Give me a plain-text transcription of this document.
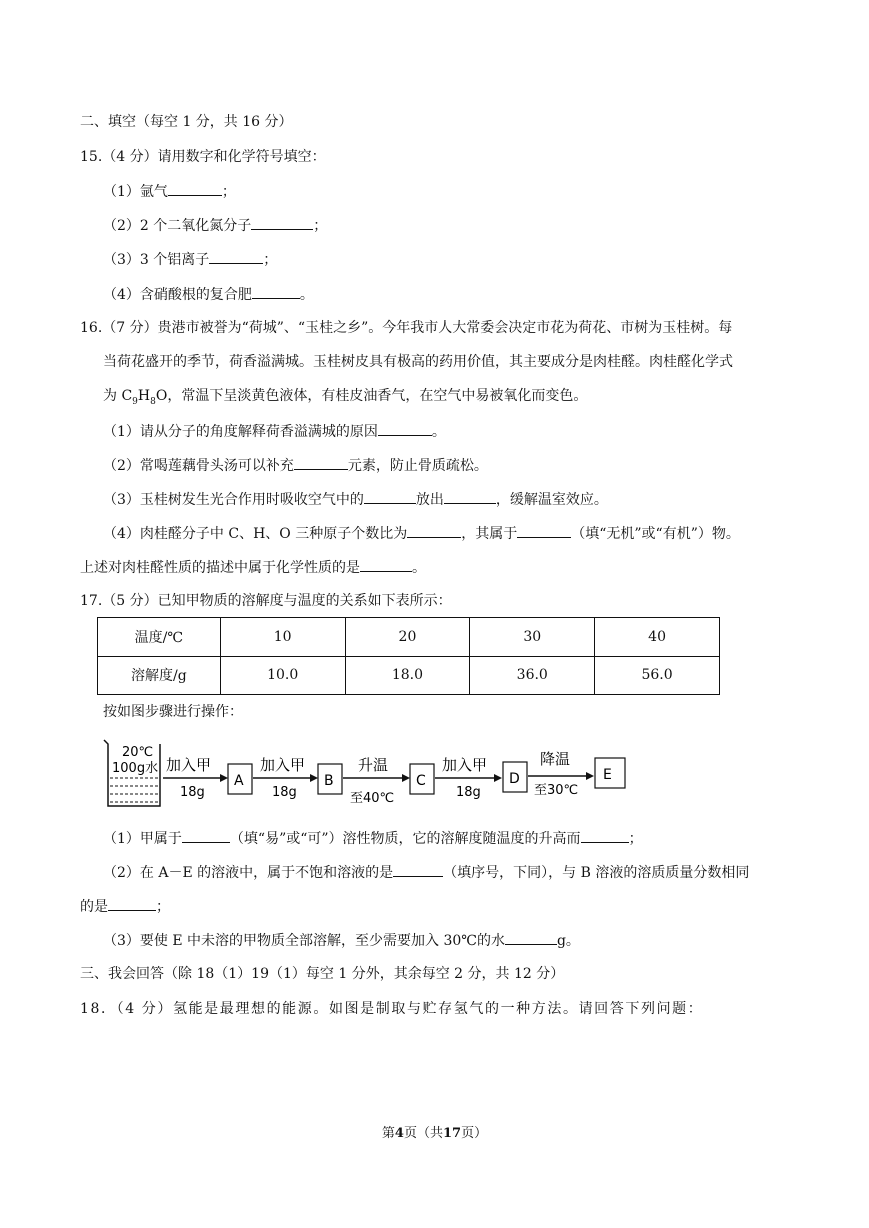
二、填空（每空 1 分，共 16 分）
15.（4 分）请用数字和化学符号填空：
（1）氩气	；
（2）2 个二氧化氮分子	；
（3）3 个铝离子	；
（4）含硝酸根的复合肥	。
16.（7 分）贵港市被誉为“荷城”、“玉桂之乡”。今年我市人大常委会决定市花为荷花、市树为玉桂树。每
当荷花盛开的季节，荷香溢满城。玉桂树皮具有极高的药用价值，其主要成分是肉桂醛。肉桂醛化学式
为 $C_9H_8O$，常温下呈淡黄色液体，有桂皮油香气，在空气中易被氧化而变色。
（1）请从分子的角度解释荷香溢满城的原因	。
（2）常喝莲藕骨头汤可以补充	元素，防止骨质疏松。
（3）玉桂树发生光合作用时吸收空气中的	放出	，缓解温室效应。
（4）肉桂醛分子中 C、H、O 三种原子个数比为	，其属于	（填“无机”或“有机”）物。
上述对肉桂醛性质的描述中属于化学性质的是	。
17.（5 分）已知甲物质的溶解度与温度的关系如下表所示：
温度/℃	10	20	30	40
溶解度/g	10.0	18.0	36.0	56.0
按如图步骤进行操作：
20℃
100g水 加入甲
18g
A
加入甲
18g
B
升温
至40℃
C
加入甲
18g
D
降温
至30℃
E
（1）甲属于	（填“易”或“可”）溶性物质，它的溶解度随温度的升高而	；
（2）在 A－E 的溶液中，属于不饱和溶液的是	（填序号，下同），与 B 溶液的溶质质量分数相同
的是	；
（3）要使 E 中未溶的甲物质全部溶解，至少需要加入 30℃的水	g。
三、我会回答（除 18（1）19（1）每空 1 分外，其余每空 2 分，共 12 分）
18．（4 分）氢能是最理想的能源。如图是制取与贮存氢气的一种方法。请回答下列问题：
第4页（共17页）
